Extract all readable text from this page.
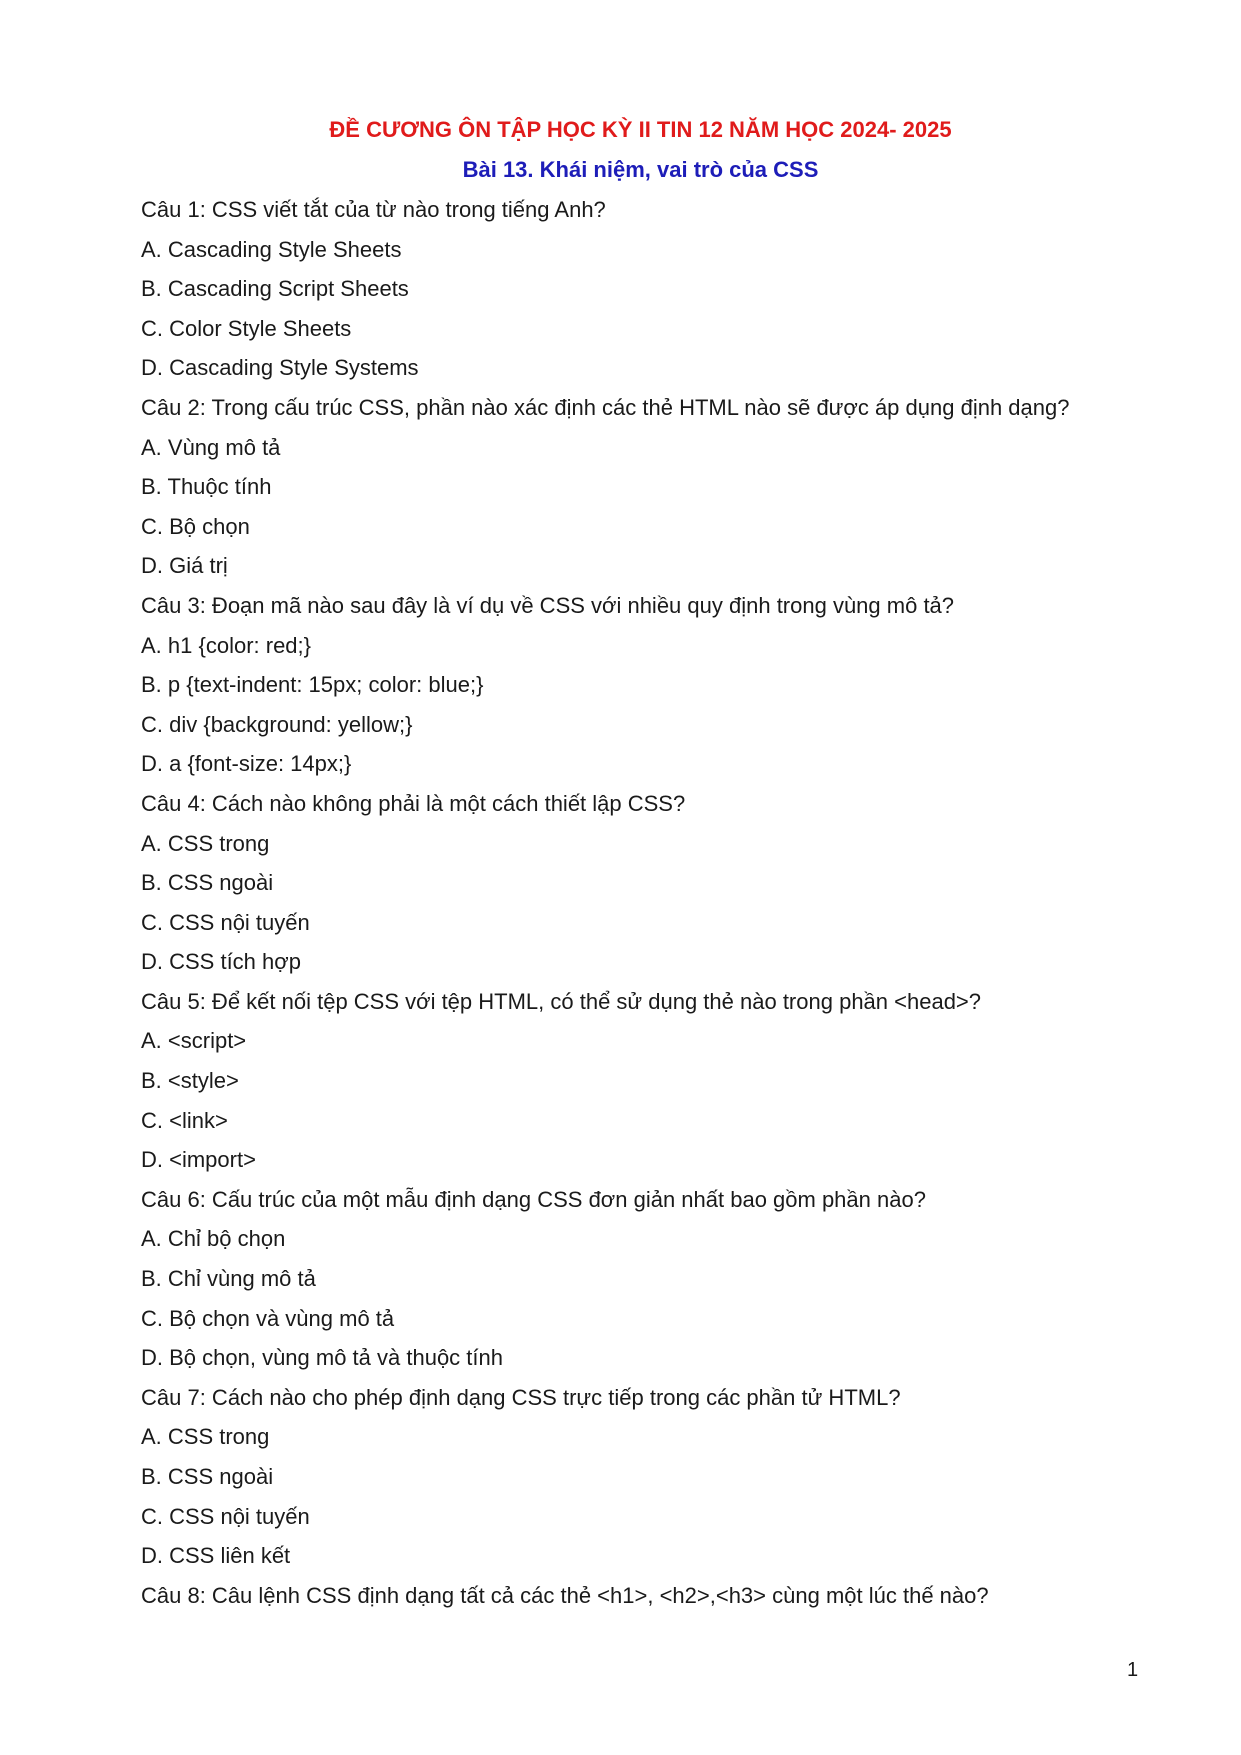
ĐỀ CƯƠNG ÔN TẬP HỌC KỲ II TIN 12 NĂM HỌC 2024- 2025
Bài 13. Khái niệm, vai trò của CSS
Câu 1: CSS viết tắt của từ nào trong tiếng Anh?
A. Cascading Style Sheets
B. Cascading Script Sheets
C. Color Style Sheets
D. Cascading Style Systems
Câu 2: Trong cấu trúc CSS, phần nào xác định các thẻ HTML nào sẽ được áp dụng định dạng?
A. Vùng mô tả
B. Thuộc tính
C. Bộ chọn
D. Giá trị
Câu 3: Đoạn mã nào sau đây là ví dụ về CSS với nhiều quy định trong vùng mô tả?
A. h1 {color: red;}
B. p {text-indent: 15px; color: blue;}
C. div {background: yellow;}
D. a {font-size: 14px;}
Câu 4: Cách nào không phải là một cách thiết lập CSS?
A. CSS trong
B. CSS ngoài
C. CSS nội tuyến
D. CSS tích hợp
Câu 5: Để kết nối tệp CSS với tệp HTML, có thể sử dụng thẻ nào trong phần <head>?
A. <script>
B. <style>
C. <link>
D. <import>
Câu 6: Cấu trúc của một mẫu định dạng CSS đơn giản nhất bao gồm phần nào?
A. Chỉ bộ chọn
B. Chỉ vùng mô tả
C. Bộ chọn và vùng mô tả
D. Bộ chọn, vùng mô tả và thuộc tính
Câu 7: Cách nào cho phép định dạng CSS trực tiếp trong các phần tử HTML?
A. CSS trong
B. CSS ngoài
C. CSS nội tuyến
D. CSS liên kết
Câu 8: Câu lệnh CSS định dạng tất cả các thẻ <h1>, <h2>,<h3> cùng một lúc thế nào?
1
